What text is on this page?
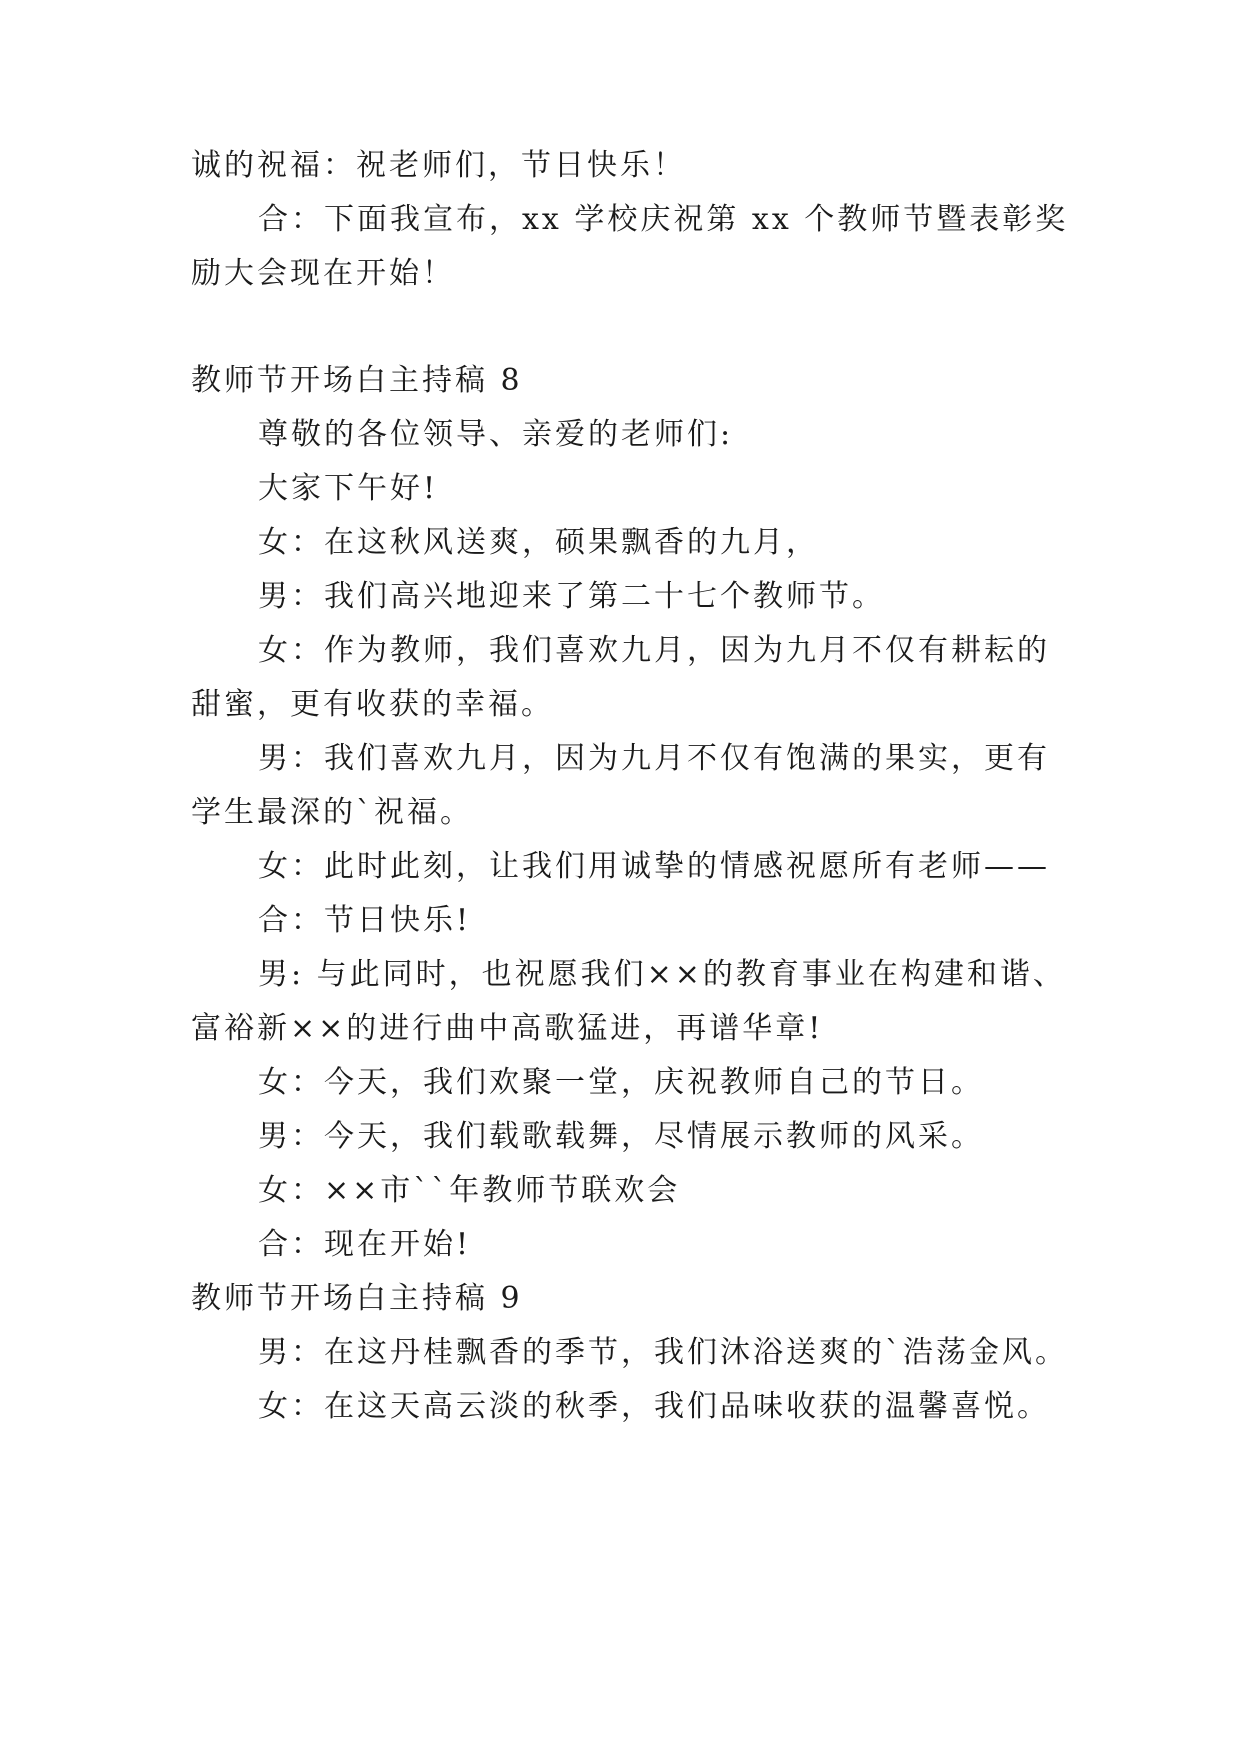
诚的祝福：祝老师们，节日快乐！
合：下面我宣布，xx 学校庆祝第 xx 个教师节暨表彰奖
励大会现在开始！
教师节开场白主持稿 8
尊敬的各位领导、亲爱的老师们:
大家下午好!
女：在这秋风送爽，硕果飘香的九月，
男：我们高兴地迎来了第二十七个教师节。
女：作为教师，我们喜欢九月，因为九月不仅有耕耘的
甜蜜，更有收获的幸福。
男：我们喜欢九月，因为九月不仅有饱满的果实，更有
学生最深的`祝福。
女：此时此刻，让我们用诚挚的情感祝愿所有老师——
合：节日快乐!
男: 与此同时，也祝愿我们××的教育事业在构建和谐、
富裕新××的进行曲中高歌猛进，再谱华章!
女：今天，我们欢聚一堂，庆祝教师自己的节日。
男：今天，我们载歌载舞，尽情展示教师的风采。
女：××市``年教师节联欢会
合：现在开始!
教师节开场白主持稿 9
男：在这丹桂飘香的季节，我们沐浴送爽的`浩荡金风。
女：在这天高云淡的秋季，我们品味收获的温馨喜悦。
